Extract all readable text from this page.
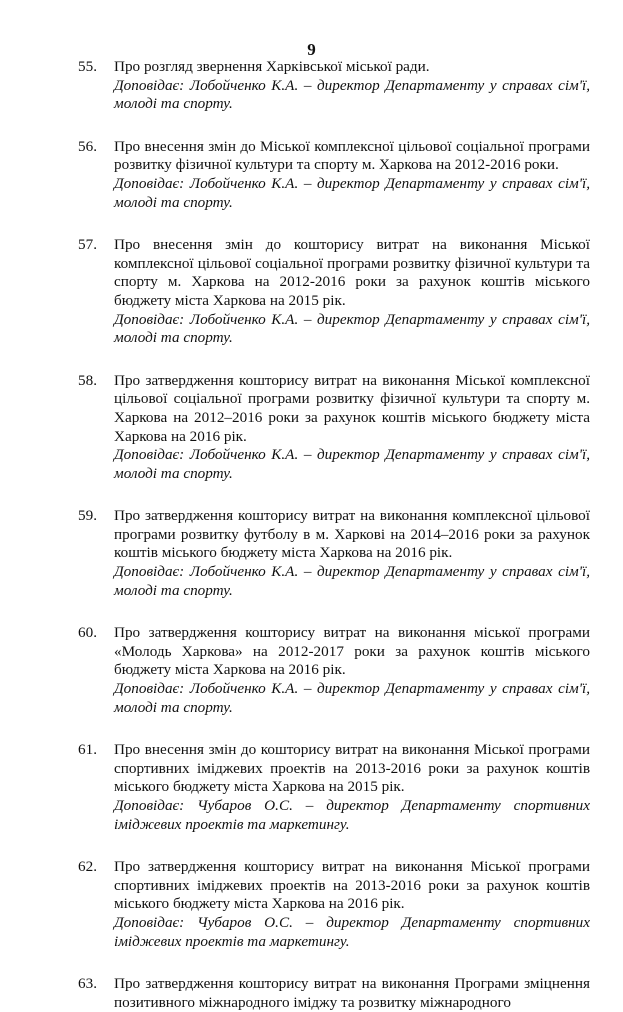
9
55.	Про розгляд звернення Харківської міської ради.
Доповідає: Лобойченко К.А. – директор Департаменту у справах сім'ї, молоді та спорту.
56.	Про внесення змін до Міської комплексної цільової соціальної програми розвитку фізичної культури та спорту м. Харкова на 2012-2016 роки.
Доповідає: Лобойченко К.А. – директор Департаменту у справах сім'ї, молоді та спорту.
57.	Про внесення змін до кошторису витрат на виконання Міської комплексної цільової соціальної програми розвитку фізичної культури та спорту м. Харкова на 2012-2016 роки за рахунок коштів міського бюджету міста Харкова на 2015 рік.
Доповідає: Лобойченко К.А. – директор Департаменту у справах сім'ї, молоді та спорту.
58.	Про затвердження кошторису витрат на виконання Міської комплексної цільової соціальної програми розвитку фізичної культури та спорту м. Харкова на 2012–2016 роки за рахунок коштів міського бюджету міста Харкова на 2016 рік.
Доповідає: Лобойченко К.А. – директор Департаменту у справах сім'ї, молоді та спорту.
59.	Про затвердження кошторису витрат на виконання комплексної цільової програми розвитку футболу в м. Харкові на 2014–2016 роки за рахунок коштів міського бюджету міста Харкова на 2016 рік.
Доповідає: Лобойченко К.А. – директор Департаменту у справах сім'ї, молоді та спорту.
60.	Про затвердження кошторису витрат на виконання міської програми «Молодь Харкова» на 2012-2017 роки за рахунок коштів міського бюджету міста Харкова на 2016 рік.
Доповідає: Лобойченко К.А. – директор Департаменту у справах сім'ї, молоді та спорту.
61.	Про внесення змін до кошторису витрат на виконання Міської програми спортивних іміджевих проектів на 2013-2016 роки за рахунок коштів міського бюджету міста Харкова на 2015 рік.
Доповідає: Чубаров О.С. – директор Департаменту спортивних іміджевих проектів та маркетингу.
62.	Про затвердження кошторису витрат на виконання Міської програми спортивних іміджевих проектів на 2013-2016 роки за рахунок коштів міського бюджету міста Харкова на 2016 рік.
Доповідає: Чубаров О.С. – директор Департаменту спортивних іміджевих проектів та маркетингу.
63.	Про затвердження кошторису витрат на виконання Програми зміцнення позитивного міжнародного іміджу та розвитку міжнародного
